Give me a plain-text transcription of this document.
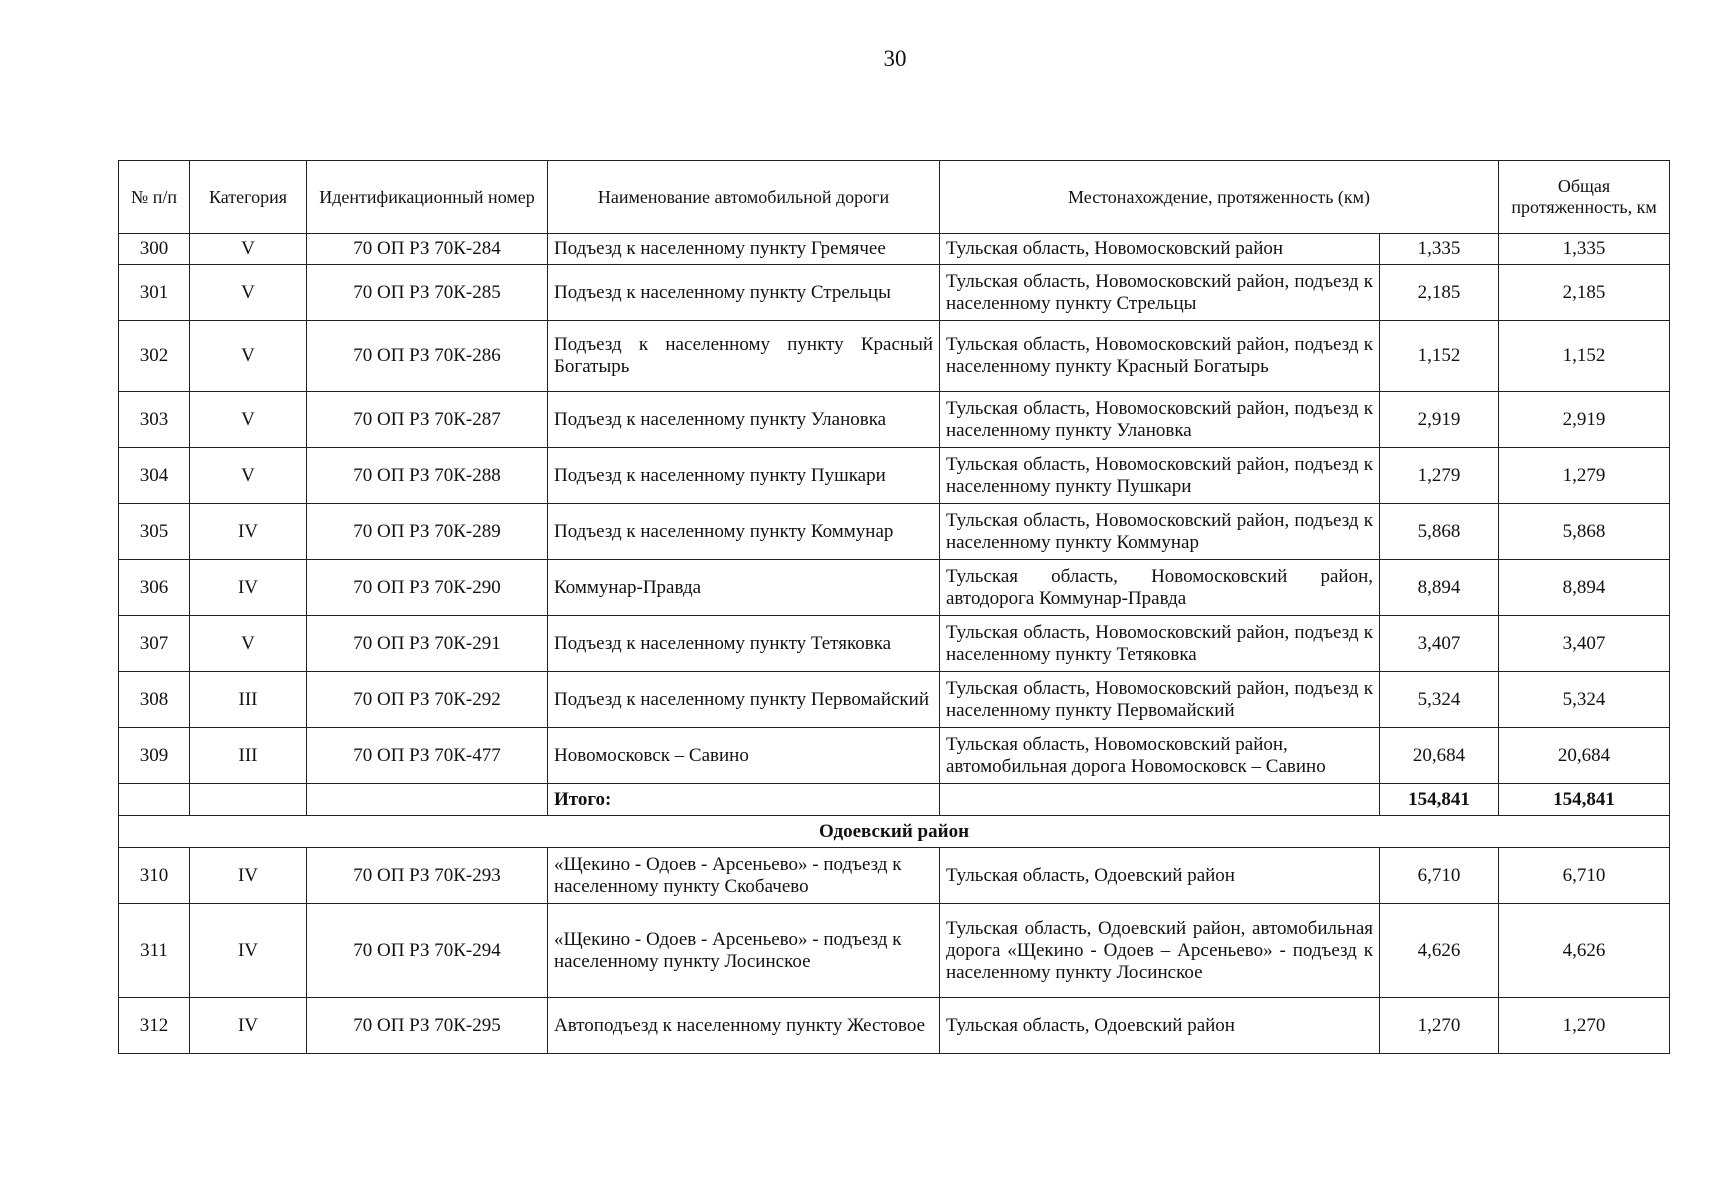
30
№ п/п	Категория	Идентификационный номер	Наименование автомобильной дороги	Местонахождение, протяженность (км)		Общая протяженность, км
300	V	70 ОП РЗ 70К-284	Подъезд к населенному пункту Гремячее	Тульская область, Новомосковский район	1,335	1,335
301	V	70 ОП РЗ 70К-285	Подъезд к населенному пункту Стрельцы	Тульская область, Новомосковский район, подъезд к населенному пункту Стрельцы	2,185	2,185
302	V	70 ОП РЗ 70К-286	Подъезд к населенному пункту Красный Богатырь	Тульская область, Новомосковский район, подъезд к населенному пункту Красный Богатырь	1,152	1,152
303	V	70 ОП РЗ 70К-287	Подъезд к населенному пункту Улановка	Тульская область, Новомосковский район, подъезд к населенному пункту Улановка	2,919	2,919
304	V	70 ОП РЗ 70К-288	Подъезд к населенному пункту Пушкари	Тульская область, Новомосковский район, подъезд к населенному пункту Пушкари	1,279	1,279
305	IV	70 ОП РЗ 70К-289	Подъезд к населенному пункту Коммунар	Тульская область, Новомосковский район, подъезд к населенному пункту Коммунар	5,868	5,868
306	IV	70 ОП РЗ 70К-290	Коммунар-Правда	Тульская область, Новомосковский район, автодорога Коммунар-Правда	8,894	8,894
307	V	70 ОП РЗ 70К-291	Подъезд к населенному пункту Тетяковка	Тульская область, Новомосковский район, подъезд к населенному пункту Тетяковка	3,407	3,407
308	III	70 ОП РЗ 70К-292	Подъезд к населенному пункту Первомайский	Тульская область, Новомосковский район, подъезд к населенному пункту Первомайский	5,324	5,324
309	III	70 ОП РЗ 70К-477	Новомосковск – Савино	Тульская область, Новомосковский район, автомобильная дорога Новомосковск – Савино	20,684	20,684
			Итого:		154,841	154,841
Одоевский район						
310	IV	70 ОП РЗ 70К-293	«Щекино - Одоев - Арсеньево» - подъезд к населенному пункту Скобачево	Тульская область, Одоевский район	6,710	6,710
311	IV	70 ОП РЗ 70К-294	«Щекино - Одоев - Арсеньево» - подъезд к населенному пункту Лосинское	Тульская область, Одоевский район, автомобильная дорога «Щекино - Одоев – Арсеньево» - подъезд к населенному пункту Лосинское	4,626	4,626
312	IV	70 ОП РЗ 70К-295	Автоподъезд к населенному пункту Жестовое	Тульская область, Одоевский район	1,270	1,270
